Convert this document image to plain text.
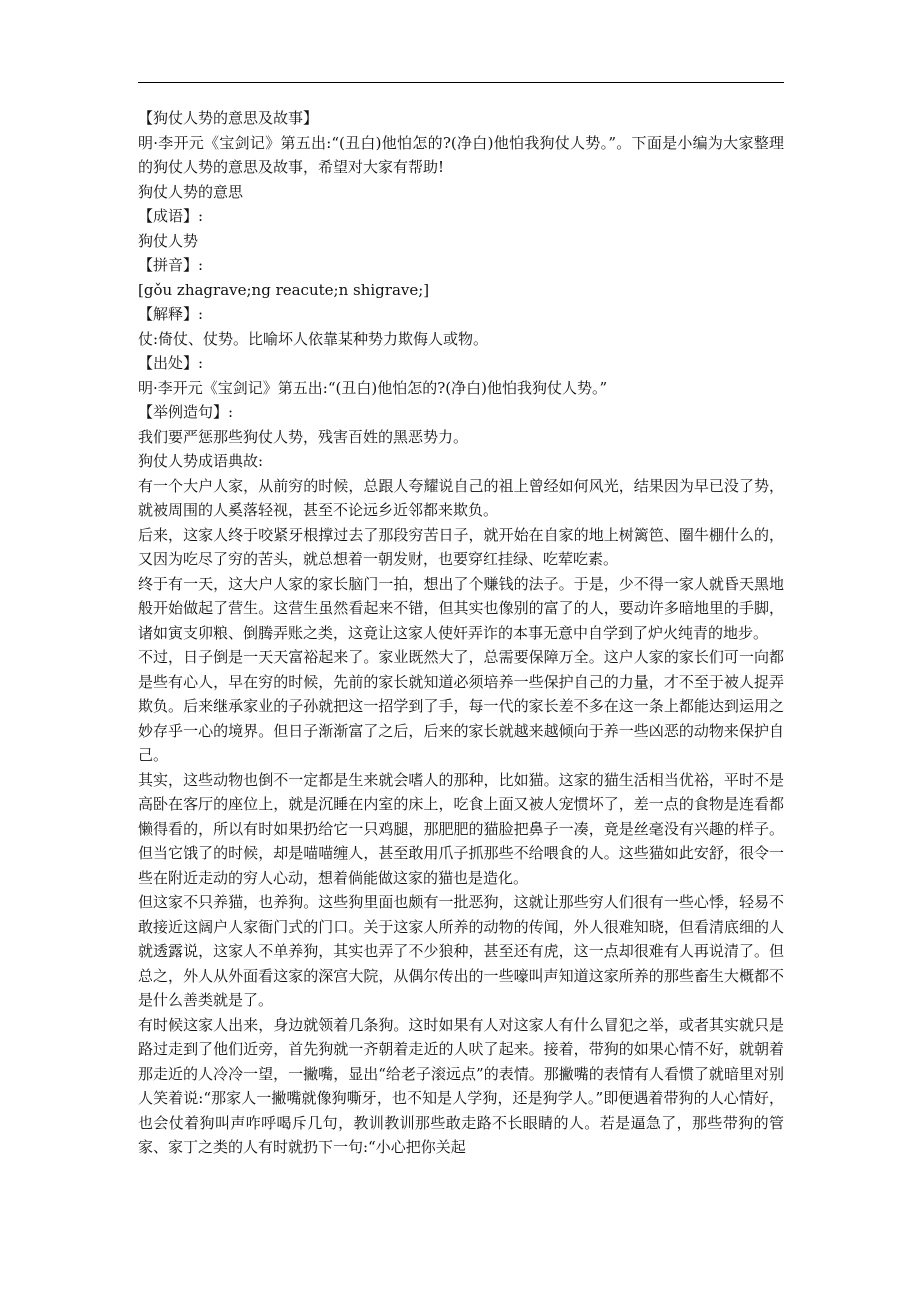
【狗仗人势的意思及故事】

明·李开元《宝剑记》第五出:“(丑白)他怕怎的?(净白)他怕我狗仗人势。”。下面是小编为大家整理的狗仗人势的意思及故事，希望对大家有帮助!

狗仗人势的意思

【成语】:

狗仗人势

【拼音】:

[gǒu zhagrave;ng reacute;n shigrave;]

【解释】:

仗:倚仗、仗势。比喻坏人依靠某种势力欺侮人或物。

【出处】:

明·李开元《宝剑记》第五出:“(丑白)他怕怎的?(净白)他怕我狗仗人势。”

【举例造句】:

我们要严惩那些狗仗人势，残害百姓的黑恶势力。

狗仗人势成语典故:

有一个大户人家，从前穷的时候，总跟人夸耀说自己的祖上曾经如何风光，结果因为早已没了势，就被周围的人奚落轻视，甚至不论远乡近邻都来欺负。

后来，这家人终于咬紧牙根撑过去了那段穷苦日子，就开始在自家的地上树篱笆、圈牛棚什么的，又因为吃尽了穷的苦头，就总想着一朝发财，也要穿红挂绿、吃荤吃素。

终于有一天，这大户人家的家长脑门一拍，想出了个赚钱的法子。于是，少不得一家人就昏天黑地般开始做起了营生。这营生虽然看起来不错，但其实也像别的富了的人，要动许多暗地里的手脚，诸如寅支卯粮、倒腾弄账之类，这竟让这家人使奸弄诈的本事无意中自学到了炉火纯青的地步。

不过，日子倒是一天天富裕起来了。家业既然大了，总需要保障万全。这户人家的家长们可一向都是些有心人，早在穷的时候，先前的家长就知道必须培养一些保护自己的力量，才不至于被人捉弄欺负。后来继承家业的子孙就把这一招学到了手，每一代的家长差不多在这一条上都能达到运用之妙存乎一心的境界。但日子渐渐富了之后，后来的家长就越来越倾向于养一些凶恶的动物来保护自己。

其实，这些动物也倒不一定都是生来就会嗜人的那种，比如猫。这家的猫生活相当优裕，平时不是高卧在客厅的座位上，就是沉睡在内室的床上，吃食上面又被人宠惯坏了，差一点的食物是连看都懒得看的，所以有时如果扔给它一只鸡腿，那肥肥的猫脸把鼻子一凑，竟是丝毫没有兴趣的样子。但当它饿了的时候，却是喵喵缠人，甚至敢用爪子抓那些不给喂食的人。这些猫如此安舒，很令一些在附近走动的穷人心动，想着倘能做这家的猫也是造化。

但这家不只养猫，也养狗。这些狗里面也颇有一批恶狗，这就让那些穷人们很有一些心悸，轻易不敢接近这阔户人家衙门式的门口。关于这家人所养的动物的传闻，外人很难知晓，但看清底细的人就透露说，这家人不单养狗，其实也弄了不少狼种，甚至还有虎，这一点却很难有人再说清了。但总之，外人从外面看这家的深宫大院，从偶尔传出的一些嚎叫声知道这家所养的那些畜生大概都不是什么善类就是了。

有时候这家人出来，身边就领着几条狗。这时如果有人对这家人有什么冒犯之举，或者其实就只是路过走到了他们近旁，首先狗就一齐朝着走近的人吠了起来。接着，带狗的如果心情不好，就朝着那走近的人冷冷一望，一撇嘴，显出“给老子滚远点”的表情。那撇嘴的表情有人看惯了就暗里对别人笑着说:“那家人一撇嘴就像狗嘶牙，也不知是人学狗，还是狗学人。”即便遇着带狗的人心情好，也会仗着狗叫声咋呼喝斥几句，教训教训那些敢走路不长眼睛的人。若是逼急了，那些带狗的管家、家丁之类的人有时就扔下一句:“小心把你关起
